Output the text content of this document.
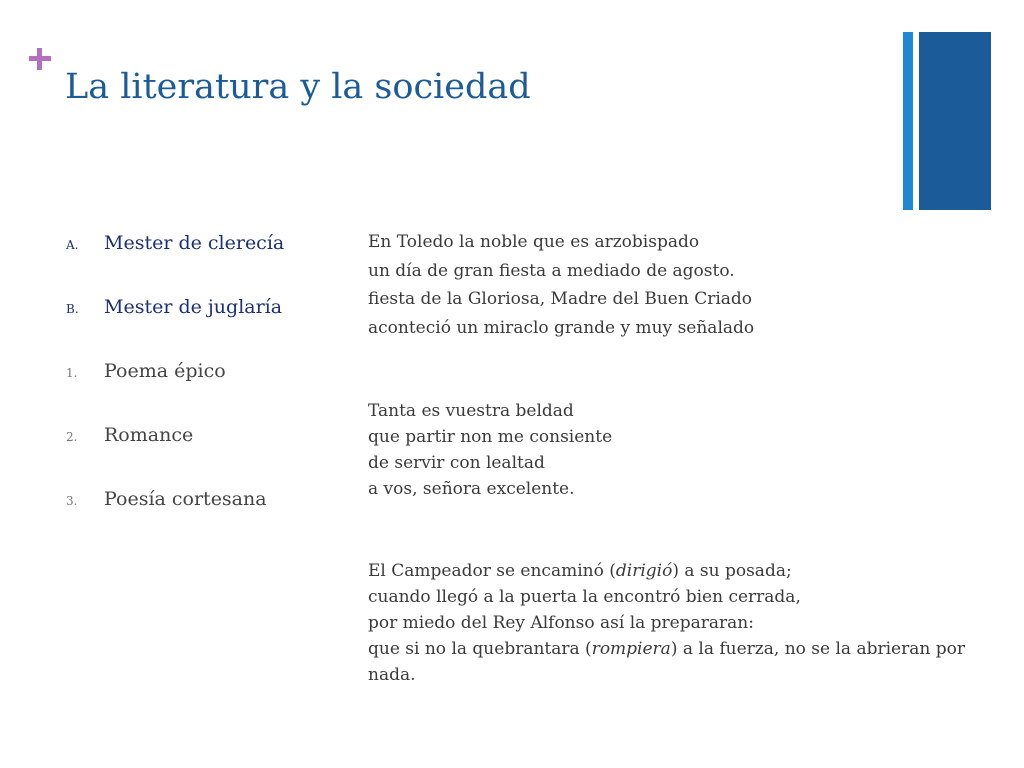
La literatura y la sociedad
A. Mester de clerecía
B. Mester de juglaría
1. Poema épico
2. Romance
3. Poesía cortesana
En Toledo la noble que es arzobispado
un día de gran fiesta a mediado de agosto.
fiesta de la Gloriosa, Madre del Buen Criado
aconteció un miraclo grande y muy señalado
Tanta es vuestra beldad
que partir non me consiente
de servir con lealtad
a vos, señora excelente.
El Campeador se encaminó (dirigió) a su posada;
cuando llegó a la puerta la encontró bien cerrada,
por miedo del Rey Alfonso así la prepararan:
que si no la quebrantara (rompiera) a la fuerza, no se la abrieran por nada.
